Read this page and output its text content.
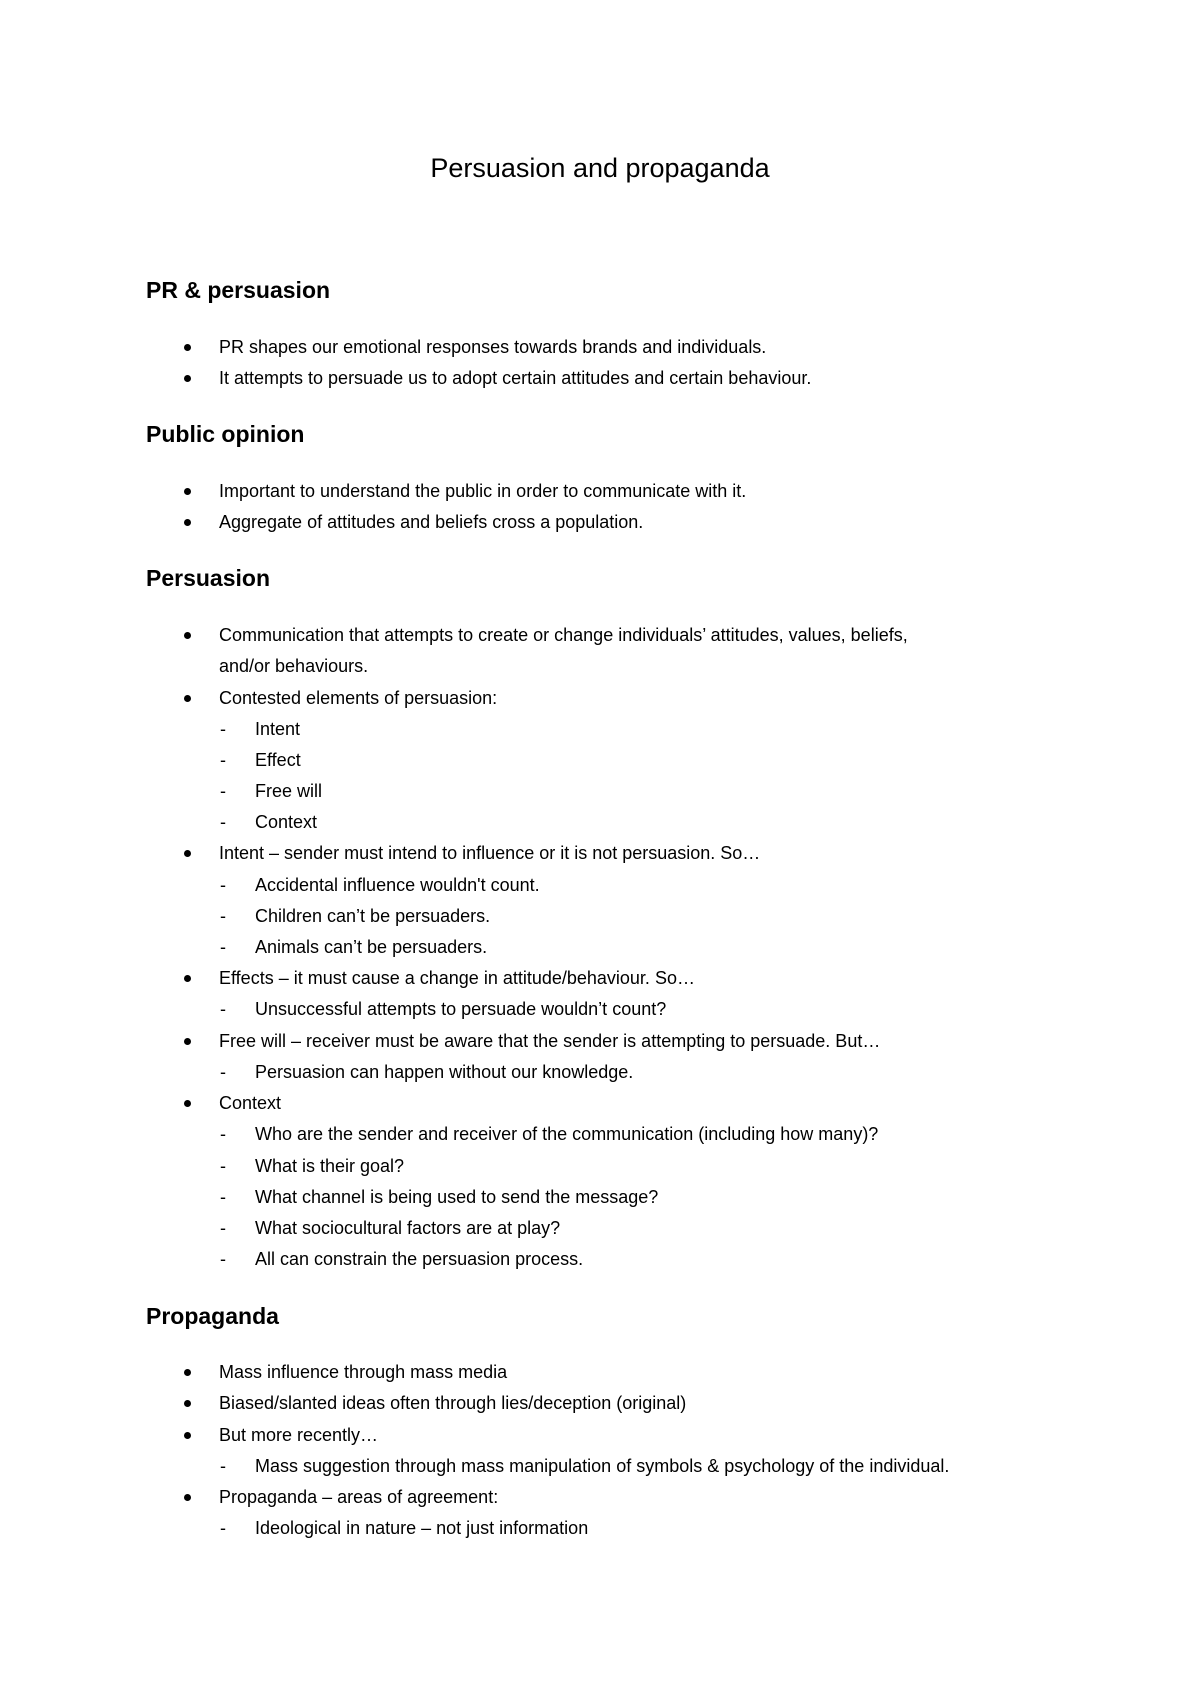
Persuasion and propaganda
PR & persuasion
PR shapes our emotional responses towards brands and individuals.
It attempts to persuade us to adopt certain attitudes and certain behaviour.
Public opinion
Important to understand the public in order to communicate with it.
Aggregate of attitudes and beliefs cross a population.
Persuasion
Communication that attempts to create or change individuals’ attitudes, values, beliefs,
and/or behaviours.
Contested elements of persuasion:
- Intent
- Effect
- Free will
- Context
Intent – sender must intend to influence or it is not persuasion. So…
- Accidental influence wouldn't count.
- Children can’t be persuaders.
- Animals can’t be persuaders.
Effects – it must cause a change in attitude/behaviour. So…
- Unsuccessful attempts to persuade wouldn’t count?
Free will – receiver must be aware that the sender is attempting to persuade. But…
- Persuasion can happen without our knowledge.
Context
- Who are the sender and receiver of the communication (including how many)?
- What is their goal?
- What channel is being used to send the message?
- What sociocultural factors are at play?
- All can constrain the persuasion process.
Propaganda
Mass influence through mass media
Biased/slanted ideas often through lies/deception (original)
But more recently…
- Mass suggestion through mass manipulation of symbols & psychology of the individual.
Propaganda – areas of agreement:
- Ideological in nature – not just information
